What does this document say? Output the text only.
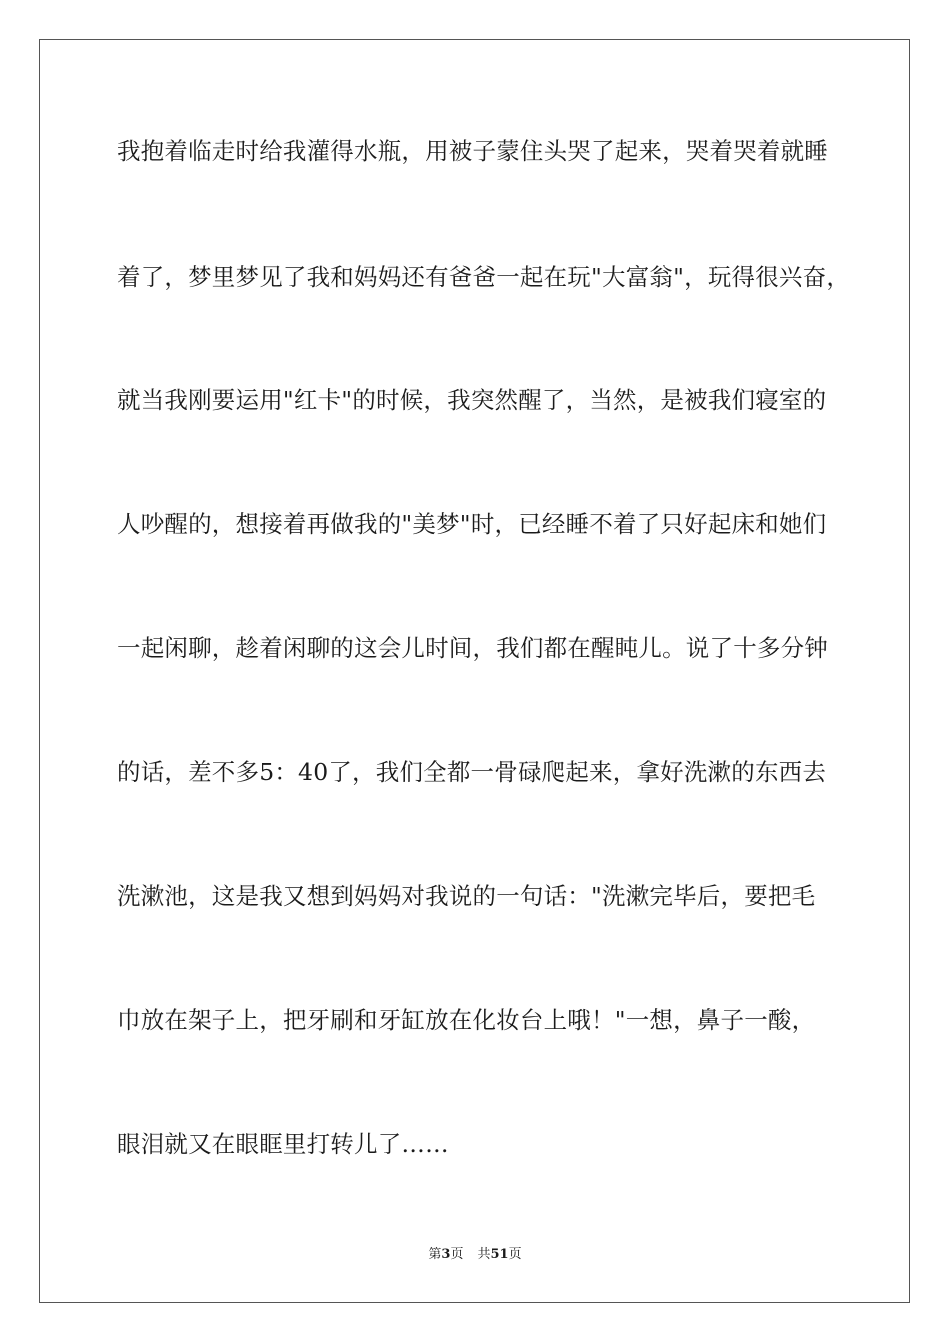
我抱着临走时给我灌得水瓶，用被子蒙住头哭了起来，哭着哭着就睡
着了，梦里梦见了我和妈妈还有爸爸一起在玩"大富翁"，玩得很兴奋，
就当我刚要运用"红卡"的时候，我突然醒了，当然，是被我们寝室的
人吵醒的，想接着再做我的"美梦"时，已经睡不着了只好起床和她们
一起闲聊，趁着闲聊的这会儿时间，我们都在醒盹儿。说了十多分钟
的话，差不多5：40了，我们全都一骨碌爬起来，拿好洗漱的东西去
洗漱池，这是我又想到妈妈对我说的一句话："洗漱完毕后，要把毛
巾放在架子上，把牙刷和牙缸放在化妆台上哦！"一想，鼻子一酸，
眼泪就又在眼眶里打转儿了……
第3页 共51页
